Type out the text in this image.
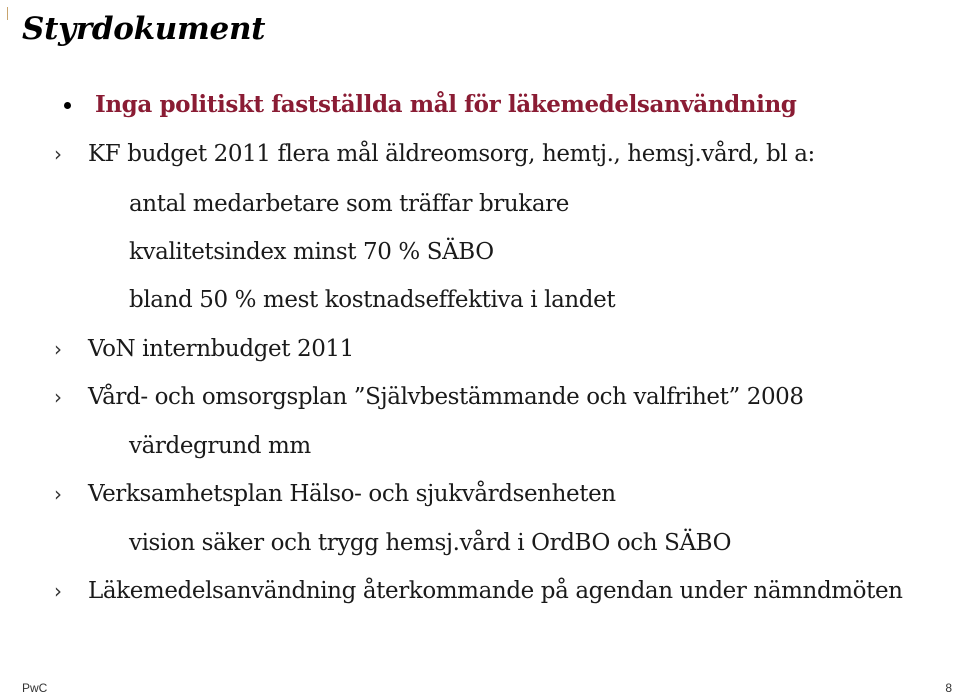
Styrdokument
Inga politiskt fastställda mål för läkemedelsanvändning
› KF budget 2011 flera mål äldreomsorg, hemtj., hemsj.vård, bl a:
antal medarbetare som träffar brukare
kvalitetsindex minst 70 % SÄBO
bland 50 % mest kostnadseffektiva i landet
› VoN internbudget 2011
› Vård- och omsorgsplan ”Självbestämmande och valfrihet” 2008
värdegrund mm
› Verksamhetsplan Hälso- och sjukvårdsenheten
vision säker och trygg hemsj.vård i OrdBO och SÄBO
› Läkemedelsanvändning återkommande på agendan under nämndmöten
PwC	8
